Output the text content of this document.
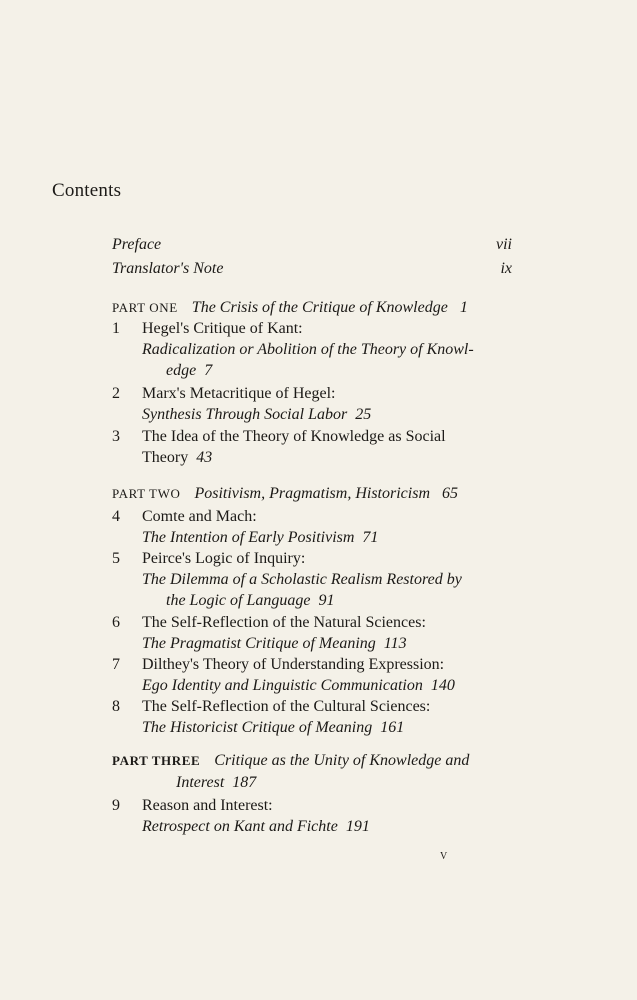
Contents
Preface	vii
Translator's Note	ix
PART ONE The Crisis of the Critique of Knowledge 1
1	Hegel's Critique of Kant:
Radicalization or Abolition of the Theory of Knowl-
edge 7
2	Marx's Metacritique of Hegel:
Synthesis Through Social Labor 25
3	The Idea of the Theory of Knowledge as Social
Theory 43
PART TWO Positivism, Pragmatism, Historicism 65
4	Comte and Mach:
The Intention of Early Positivism 71
5	Peirce's Logic of Inquiry:
The Dilemma of a Scholastic Realism Restored by
the Logic of Language 91
6	The Self-Reflection of the Natural Sciences:
The Pragmatist Critique of Meaning 113
7	Dilthey's Theory of Understanding Expression:
Ego Identity and Linguistic Communication 140
8	The Self-Reflection of the Cultural Sciences:
The Historicist Critique of Meaning 161
PART THREE Critique as the Unity of Knowledge and
Interest 187
9	Reason and Interest:
Retrospect on Kant and Fichte 191
v
